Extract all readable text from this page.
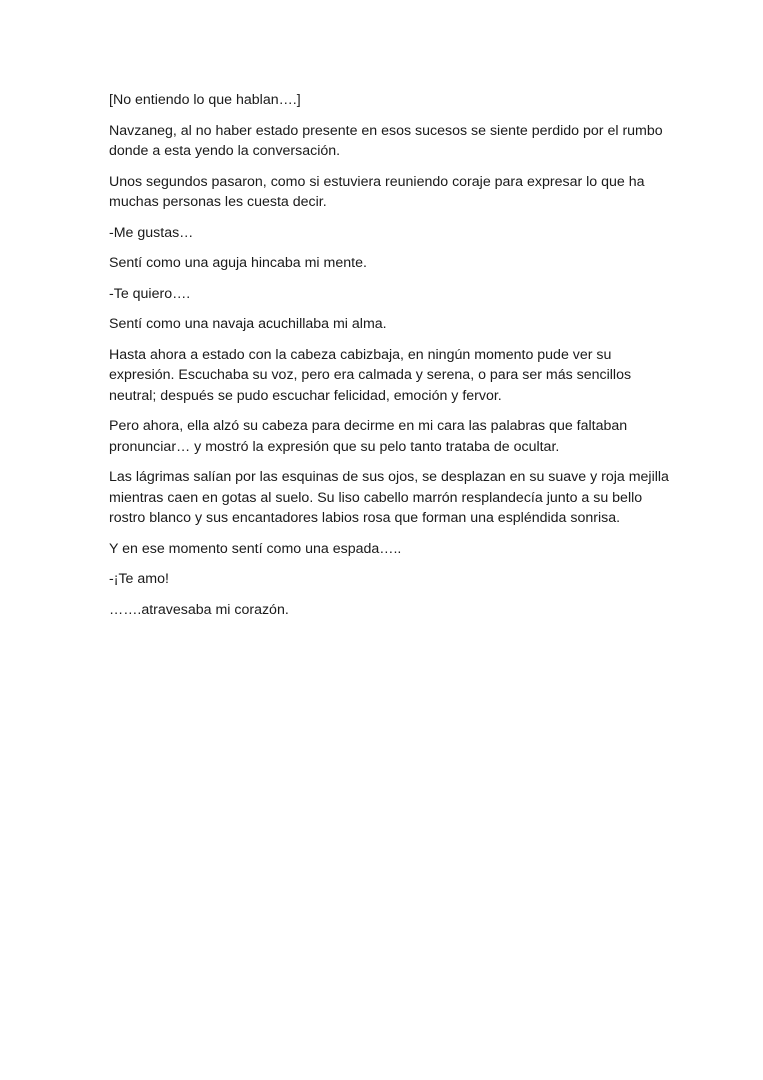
[No entiendo lo que hablan….]

Navzaneg, al no haber estado presente en esos sucesos se siente perdido por el rumbo donde a esta yendo la conversación.

Unos segundos pasaron, como si estuviera reuniendo coraje para expresar lo que ha muchas personas les cuesta decir.

-Me gustas…

Sentí como una aguja hincaba mi mente.

-Te quiero….

Sentí como una navaja acuchillaba mi alma.

Hasta ahora a estado con la cabeza cabizbaja, en ningún momento pude ver su expresión. Escuchaba su voz, pero era calmada y serena, o para ser más sencillos neutral; después se pudo escuchar felicidad, emoción y fervor.

Pero ahora, ella alzó su cabeza para decirme en mi cara las palabras que faltaban pronunciar… y mostró la expresión que su pelo tanto trataba de ocultar.

Las lágrimas salían por las esquinas de sus ojos, se desplazan en su suave y roja mejilla mientras caen en gotas al suelo. Su liso cabello marrón resplandecía junto a su bello rostro blanco y sus encantadores labios rosa que forman una espléndida sonrisa.

Y en ese momento sentí como una espada…..

-¡Te amo!

…….atravesaba mi corazón.
